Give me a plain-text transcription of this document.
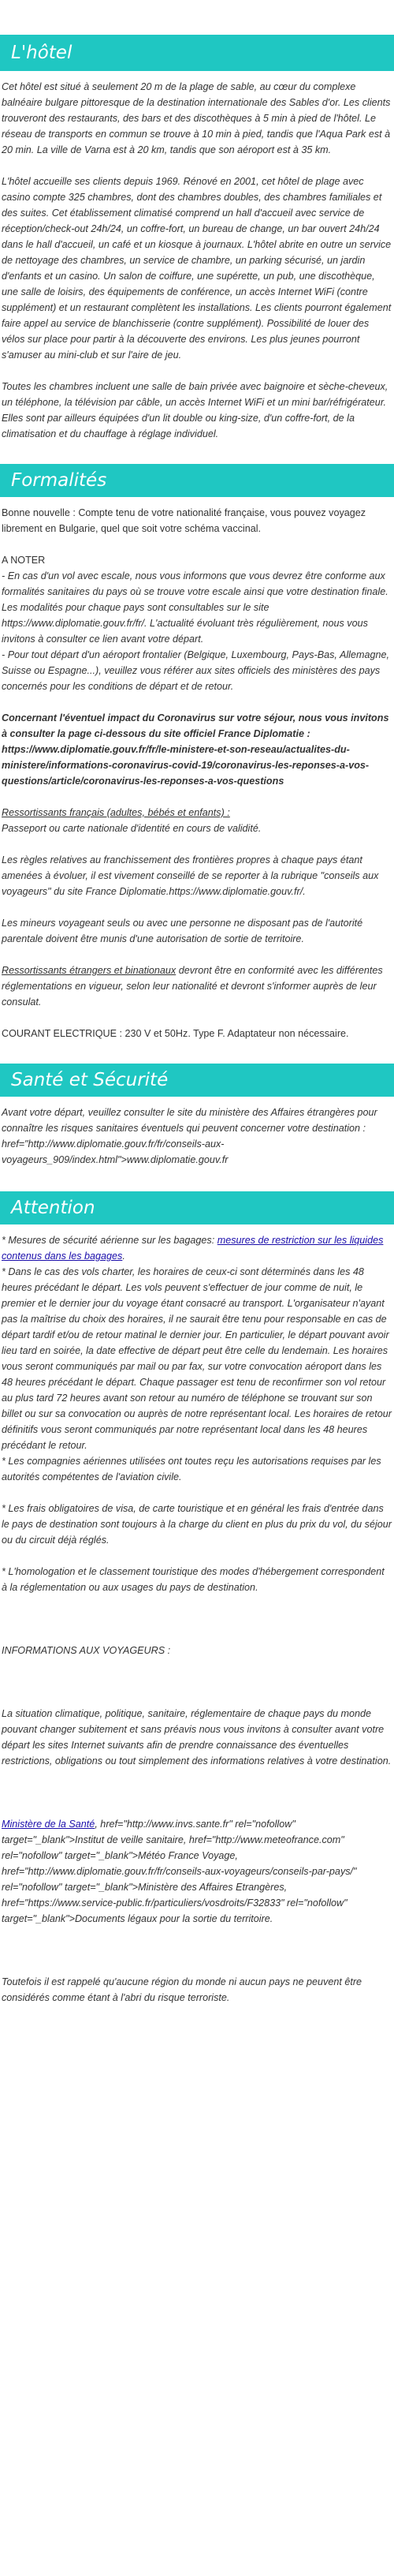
L'hôtel

Cet hôtel est situé à seulement 20 m de la plage de sable, au cœur du complexe balnéaire bulgare pittoresque de la destination internationale des Sables d'or. Les clients trouveront des restaurants, des bars et des discothèques à 5 min à pied de l'hôtel. Le réseau de transports en commun se trouve à 10 min à pied, tandis que l'Aqua Park est à 20 min. La ville de Varna est à 20 km, tandis que son aéroport est à 35 km.

L'hôtel accueille ses clients depuis 1969. Rénové en 2001, cet hôtel de plage avec casino compte 325 chambres, dont des chambres doubles, des chambres familiales et des suites. Cet établissement climatisé comprend un hall d'accueil avec service de réception/check-out 24h/24, un coffre-fort, un bureau de change, un bar ouvert 24h/24 dans le hall d'accueil, un café et un kiosque à journaux. L'hôtel abrite en outre un service de nettoyage des chambres, un service de chambre, un parking sécurisé, un jardin d'enfants et un casino. Un salon de coiffure, une supérette, un pub, une discothèque, une salle de loisirs, des équipements de conférence, un accès Internet WiFi (contre supplément) et un restaurant complètent les installations. Les clients pourront également faire appel au service de blanchisserie (contre supplément). Possibilité de louer des vélos sur place pour partir à la découverte des environs. Les plus jeunes pourront s'amuser au mini-club et sur l'aire de jeu.

Toutes les chambres incluent une salle de bain privée avec baignoire et sèche-cheveux, un téléphone, la télévision par câble, un accès Internet WiFi et un mini bar/réfrigérateur. Elles sont par ailleurs équipées d'un lit double ou king-size, d'un coffre-fort, de la climatisation et du chauffage à réglage individuel.

Formalités

Bonne nouvelle : Compte tenu de votre nationalité française, vous pouvez voyagez librement en Bulgarie, quel que soit votre schéma vaccinal.

A NOTER

- En cas d'un vol avec escale, nous vous informons que vous devrez être conforme aux formalités sanitaires du pays où se trouve votre escale ainsi que votre destination finale.

Les modalités pour chaque pays sont consultables sur le site https://www.diplomatie.gouv.fr/fr/. L'actualité évoluant très régulièrement, nous vous invitons à consulter ce lien avant votre départ.

- Pour tout départ d'un aéroport frontalier (Belgique, Luxembourg, Pays-Bas, Allemagne, Suisse ou Espagne...), veuillez vous référer aux sites officiels des ministères des pays concernés pour les conditions de départ et de retour.

Concernant l'éventuel impact du Coronavirus sur votre séjour, nous vous invitons à consulter la page ci-dessous du site officiel France Diplomatie : https://www.diplomatie.gouv.fr/fr/le-ministere-et-son-reseau/actualites-du-ministere/informations-coronavirus-covid-19/coronavirus-les-reponses-a-vos-questions/article/coronavirus-les-reponses-a-vos-questions

Ressortissants français (adultes, bébés et enfants) :

Passeport ou carte nationale d'identité en cours de validité.

Les règles relatives au franchissement des frontières propres à chaque pays étant amenées à évoluer, il est vivement conseillé de se reporter à la rubrique "conseils aux voyageurs" du site France Diplomatie.https://www.diplomatie.gouv.fr/.

Les mineurs voyageant seuls ou avec une personne ne disposant pas de l'autorité parentale doivent être munis d'une autorisation de sortie de territoire.

Ressortissants étrangers et binationaux devront être en conformité avec les différentes réglementations en vigueur, selon leur nationalité et devront s'informer auprès de leur consulat.

COURANT ELECTRIQUE : 230 V et 50Hz. Type F. Adaptateur non nécessaire.

Santé et Sécurité

Avant votre départ, veuillez consulter le site du ministère des Affaires étrangères pour connaître les risques sanitaires éventuels qui peuvent concerner votre destination : href="http://www.diplomatie.gouv.fr/fr/conseils-aux-voyageurs_909/index.html">www.diplomatie.gouv.fr

Attention

* Mesures de sécurité aérienne sur les bagages: mesures de restriction sur les liquides contenus dans les bagages.

* Dans le cas des vols charter, les horaires de ceux-ci sont déterminés dans les 48 heures précédant le départ. Les vols peuvent s'effectuer de jour comme de nuit, le premier et le dernier jour du voyage étant consacré au transport. L'organisateur n'ayant pas la maîtrise du choix des horaires, il ne saurait être tenu pour responsable en cas de départ tardif et/ou de retour matinal le dernier jour. En particulier, le départ pouvant avoir lieu tard en soirée, la date effective de départ peut être celle du lendemain. Les horaires vous seront communiqués par mail ou par fax, sur votre convocation aéroport dans les 48 heures précédant le départ. Chaque passager est tenu de reconfirmer son vol retour au plus tard 72 heures avant son retour au numéro de téléphone se trouvant sur son billet ou sur sa convocation ou auprès de notre représentant local. Les horaires de retour définitifs vous seront communiqués par notre représentant local dans les 48 heures précédant le retour.

* Les compagnies aériennes utilisées ont toutes reçu les autorisations requises par les autorités compétentes de l'aviation civile.

* Les frais obligatoires de visa, de carte touristique et en général les frais d'entrée dans le pays de destination sont toujours à la charge du client en plus du prix du vol, du séjour ou du circuit déjà réglés.

* L'homologation et le classement touristique des modes d'hébergement correspondent à la réglementation ou aux usages du pays de destination.

INFORMATIONS AUX VOYAGEURS :

La situation climatique, politique, sanitaire, réglementaire de chaque pays du monde pouvant changer subitement et sans préavis nous vous invitons à consulter avant votre départ les sites Internet suivants afin de prendre connaissance des éventuelles restrictions, obligations ou tout simplement des informations relatives à votre destination.

Ministère de la Santé, href="http://www.invs.sante.fr" rel="nofollow" target="_blank">Institut de veille sanitaire, href="http://www.meteofrance.com" rel="nofollow" target="_blank">Météo France Voyage, href="http://www.diplomatie.gouv.fr/fr/conseils-aux-voyageurs/conseils-par-pays/" rel="nofollow" target="_blank">Ministère des Affaires Etrangères, href="https://www.service-public.fr/particuliers/vosdroits/F32833" rel="nofollow" target="_blank">Documents légaux pour la sortie du territoire.

Toutefois il est rappelé qu'aucune région du monde ni aucun pays ne peuvent être considérés comme étant à l'abri du risque terroriste.
